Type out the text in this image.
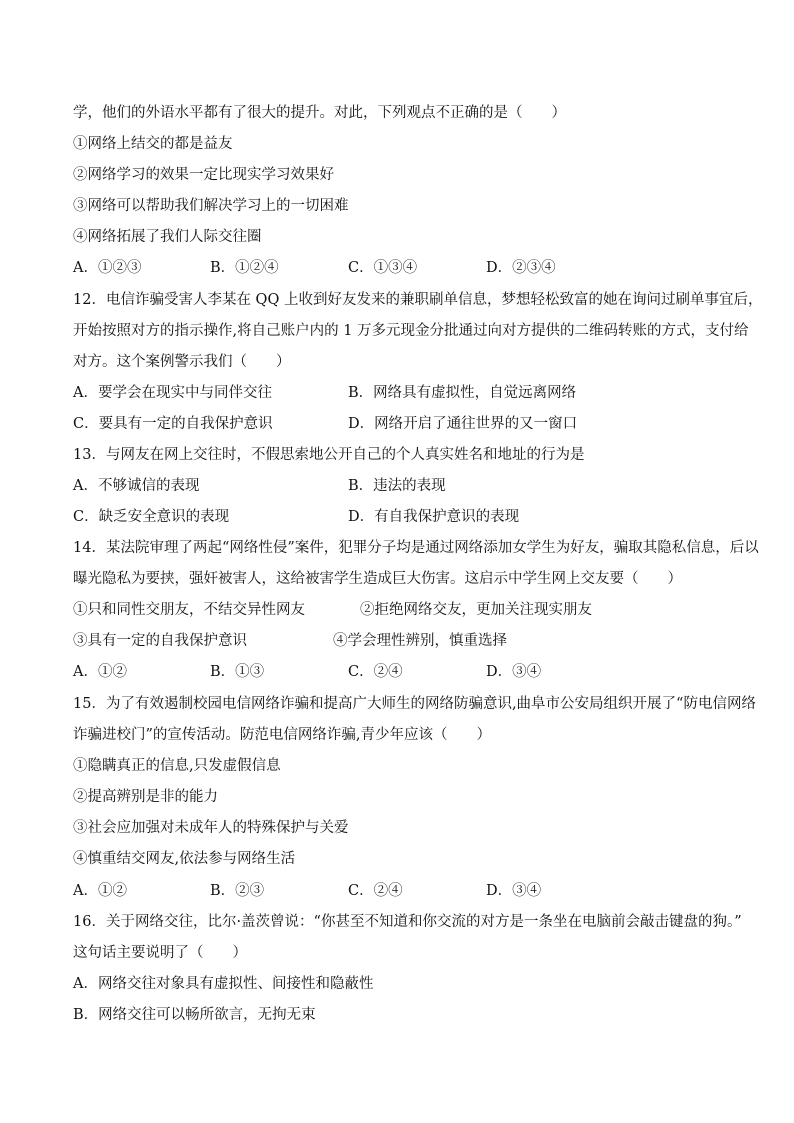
学，他们的外语水平都有了很大的提升。对此，下列观点不正确的是（　　）
①网络上结交的都是益友
②网络学习的效果一定比现实学习效果好
③网络可以帮助我们解决学习上的一切困难
④网络拓展了我们人际交往圈
A．①②③	B．①②④	C．①③④	D．②③④
12．电信诈骗受害人李某在 QQ 上收到好友发来的兼职刷单信息，梦想轻松致富的她在询问过刷单事宜后，
开始按照对方的指示操作,将自己账户内的 1 万多元现金分批通过向对方提供的二维码转账的方式，支付给
对方。这个案例警示我们（　　）
A．要学会在现实中与同伴交往	B．网络具有虚拟性，自觉远离网络
C．要具有一定的自我保护意识	D．网络开启了通往世界的又一窗口
13．与网友在网上交往时，不假思索地公开自己的个人真实姓名和地址的行为是
A．不够诚信的表现	B．违法的表现
C．缺乏安全意识的表现	D．有自我保护意识的表现
14．某法院审理了两起“网络性侵”案件，犯罪分子均是通过网络添加女学生为好友，骗取其隐私信息，后以
曝光隐私为要挟，强奸被害人，这给被害学生造成巨大伤害。这启示中学生网上交友要（　　）
①只和同性交朋友，不结交异性网友	②拒绝网络交友，更加关注现实朋友
③具有一定的自我保护意识	④学会理性辨别，慎重选择
A．①②	B．①③	C．②④	D．③④
15．为了有效遏制校园电信网络诈骗和提高广大师生的网络防骗意识,曲阜市公安局组织开展了“防电信网络
诈骗进校门”的宣传活动。防范电信网络诈骗,青少年应该（　　）
①隐瞒真正的信息,只发虚假信息
②提高辨别是非的能力
③社会应加强对未成年人的特殊保护与关爱
④慎重结交网友,依法参与网络生活
A．①②	B．②③	C．②④	D．③④
16．关于网络交往，比尔·盖茨曾说：“你甚至不知道和你交流的对方是一条坐在电脑前会敲击键盘的狗。”
这句话主要说明了（　　）
A．网络交往对象具有虚拟性、间接性和隐蔽性
B．网络交往可以畅所欲言，无拘无束
